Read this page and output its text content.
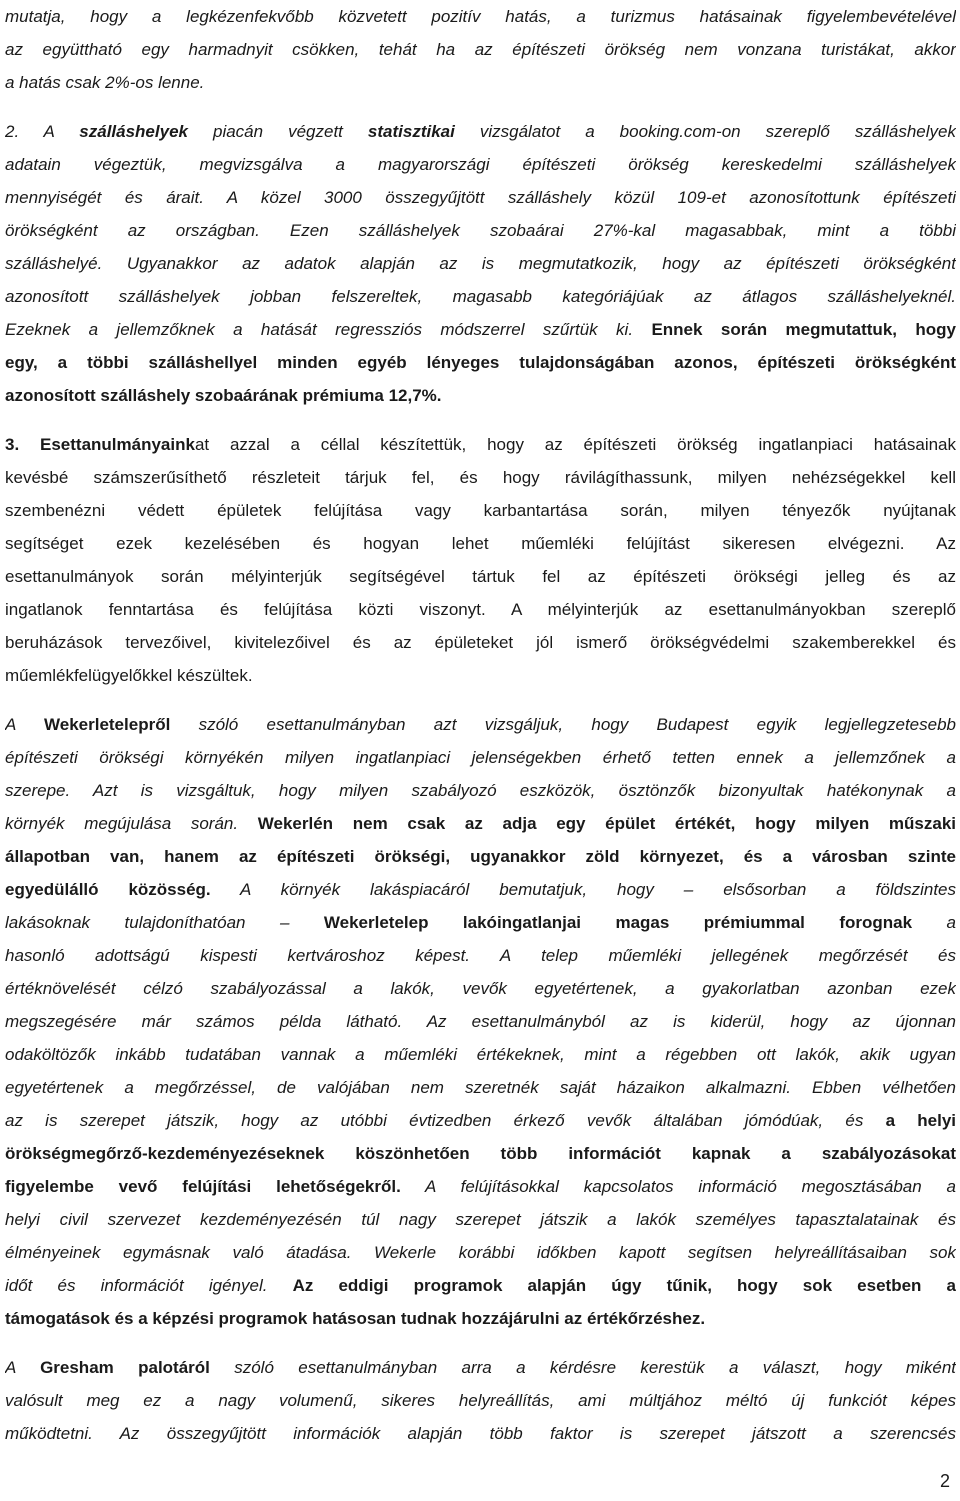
mutatja, hogy a legkézenfekvőbb közvetett pozitív hatás, a turizmus hatásainak figyelembevételével
az együttható egy harmadnyit csökken, tehát ha az építészeti örökség nem vonzana turistákat, akkor
a hatás csak 2%-os lenne.
2. A szálláshelyek piacán végzett statisztikai vizsgálatot a booking.com-on szereplő szálláshelyek
adatain végeztük, megvizsgálva a magyarországi építészeti örökség kereskedelmi szálláshelyek
mennyiségét és árait. A közel 3000 összegyűjtött szálláshely közül 109-et azonosítottunk építészeti
örökségként az országban. Ezen szálláshelyek szobaárai 27%-kal magasabbak, mint a többi
szálláshelyé. Ugyanakkor az adatok alapján az is megmutatkozik, hogy az építészeti örökségként
azonosított szálláshelyek jobban felszereltek, magasabb kategóriájúak az átlagos szálláshelyeknél.
Ezeknek a jellemzőknek a hatását regressziós módszerrel szűrtük ki. Ennek során megmutattuk, hogy
egy, a többi szálláshellyel minden egyéb lényeges tulajdonságában azonos, építészeti örökségként
azonosított szálláshely szobaárának prémiuma 12,7%.
3. Esettanulmányainkat azzal a céllal készítettük, hogy az építészeti örökség ingatlanpiaci hatásainak
kevésbé számszerűsíthető részleteit tárjuk fel, és hogy rávilágíthassunk, milyen nehézségekkel kell
szembenézni védett épületek felújítása vagy karbantartása során, milyen tényezők nyújtanak
segítséget ezek kezelésében és hogyan lehet műemléki felújítást sikeresen elvégezni. Az
esettanulmányok során mélyinterjúk segítségével tártuk fel az építészeti örökségi jelleg és az
ingatlanok fenntartása és felújítása közti viszonyt. A mélyinterjúk az esettanulmányokban szereplő
beruházások tervezőivel, kivitelezőivel és az épületeket jól ismerő örökségvédelmi szakemberekkel és
műemlékfelügyelőkkel készültek.
A Wekerletelepről szóló esettanulmányban azt vizsgáljuk, hogy Budapest egyik legjellegzetesebb
építészeti örökségi környékén milyen ingatlanpiaci jelenségekben érhető tetten ennek a jellemzőnek a
szerepe. Azt is vizsgáltuk, hogy milyen szabályozó eszközök, ösztönzők bizonyultak hatékonynak a
környék megújulása során. Wekerlén nem csak az adja egy épület értékét, hogy milyen műszaki
állapotban van, hanem az építészeti örökségi, ugyanakkor zöld környezet, és a városban szinte
egyedülálló közösség. A környék lakáspiacáról bemutatjuk, hogy – elsősorban a földszintes
lakásoknak tulajdoníthatóan – Wekerletelep lakóingatlanjai magas prémiummal forognak a
hasonló adottságú kispesti kertvároshoz képest. A telep műemléki jellegének megőrzését és
értéknövelését célzó szabályozással a lakók, vevők egyetértenek, a gyakorlatban azonban ezek
megszegésére már számos példa látható. Az esettanulmányból az is kiderül, hogy az újonnan
odaköltözők inkább tudatában vannak a műemléki értékeknek, mint a régebben ott lakók, akik ugyan
egyetértenek a megőrzéssel, de valójában nem szeretnék saját házaikon alkalmazni. Ebben vélhetően
az is szerepet játszik, hogy az utóbbi évtizedben érkező vevők általában jómódúak, és a helyi
örökségmegőrző-kezdeményezéseknek köszönhetően több információt kapnak a szabályozásokat
figyelembe vevő felújítási lehetőségekről. A felújításokkal kapcsolatos információ megosztásában a
helyi civil szervezet kezdeményezésén túl nagy szerepet játszik a lakók személyes tapasztalatainak és
élményeinek egymásnak való átadása. Wekerle korábbi időkben kapott segítsen helyreállításaiban sok
időt és információt igényel. Az eddigi programok alapján úgy tűnik, hogy sok esetben a
támogatások és a képzési programok hatásosan tudnak hozzájárulni az értékőrzéshez.
A Gresham palotáról szóló esettanulmányban arra a kérdésre kerestük a választ, hogy miként
valósult meg ez a nagy volumenű, sikeres helyreállítás, ami múltjához méltó új funkciót képes
működtetni. Az összegyűjtött információk alapján több faktor is szerepet játszott a szerencsés
2
